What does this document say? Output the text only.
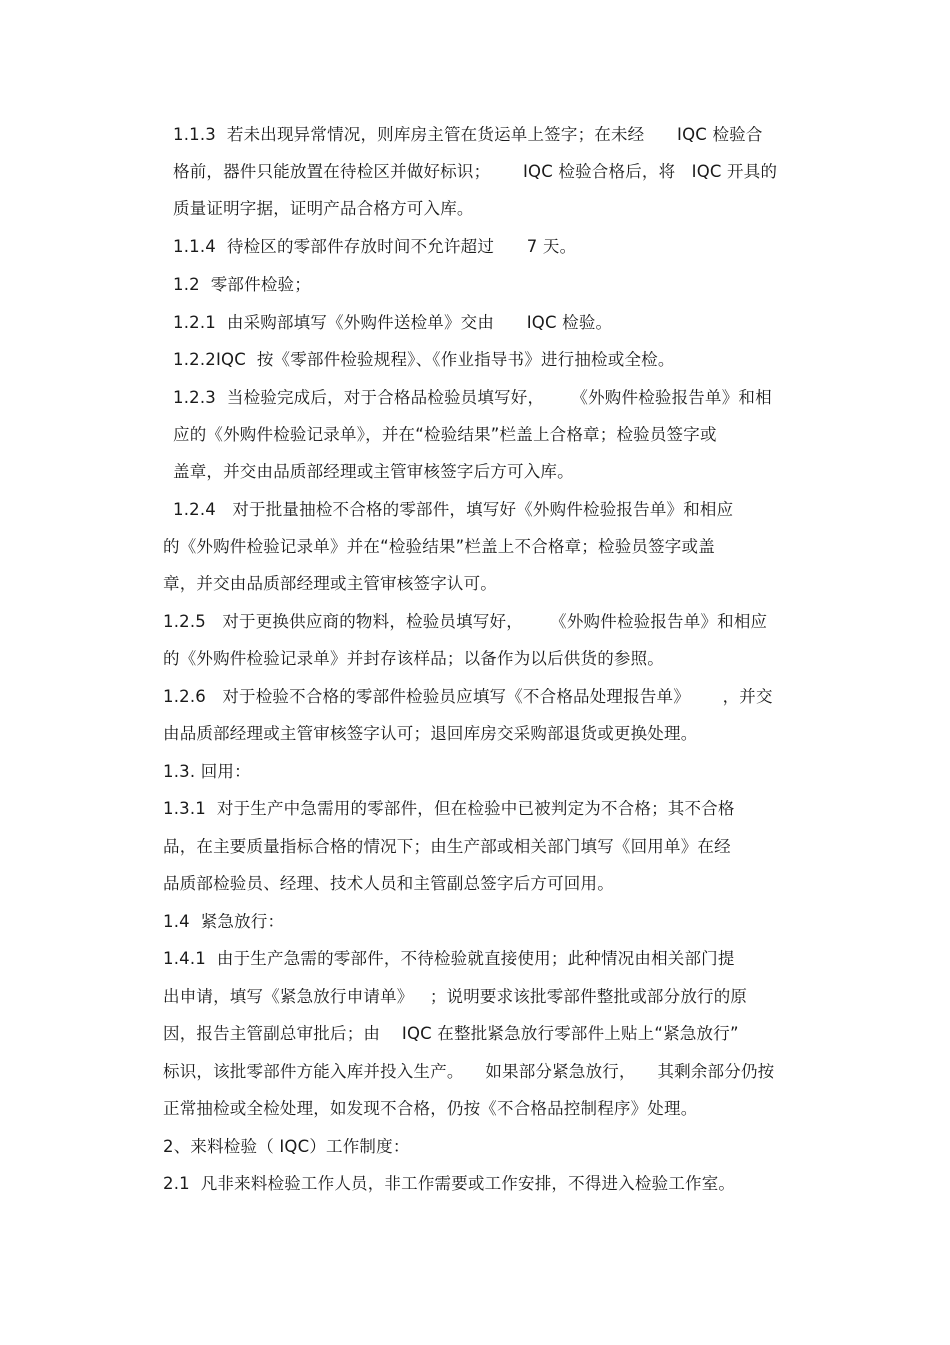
1.1.3  若未出现异常情况，则库房主管在货运单上签字；在未经      IQC 检验合
格前，器件只能放置在待检区并做好标识；      IQC 检验合格后，将   IQC 开具的
质量证明字据，证明产品合格方可入库。
1.1.4  待检区的零部件存放时间不允许超过      7 天。
1.2  零部件检验；
1.2.1  由采购部填写《外购件送检单》交由      IQC 检验。
1.2.2IQC  按《零部件检验规程》、《作业指导书》进行抽检或全检。
1.2.3  当检验完成后，对于合格品检验员填写好，     《外购件检验报告单》和相
应的《外购件检验记录单》，并在“检验结果”栏盖上合格章；检验员签字或
盖章，并交由品质部经理或主管审核签字后方可入库。
1.2.4   对于批量抽检不合格的零部件，填写好《外购件检验报告单》和相应
的《外购件检验记录单》并在“检验结果”栏盖上不合格章；检验员签字或盖
章，并交由品质部经理或主管审核签字认可。
1.2.5   对于更换供应商的物料，检验员填写好，     《外购件检验报告单》和相应
的《外购件检验记录单》并封存该样品；以备作为以后供货的参照。
1.2.6   对于检验不合格的零部件检验员应填写《不合格品处理报告单》      ，并交
由品质部经理或主管审核签字认可；退回库房交采购部退货或更换处理。
1.3. 回用：
1.3.1  对于生产中急需用的零部件，但在检验中已被判定为不合格；其不合格
品，在主要质量指标合格的情况下；由生产部或相关部门填写《回用单》在经
品质部检验员、经理、技术人员和主管副总签字后方可回用。
1.4  紧急放行：
1.4.1  由于生产急需的零部件，不待检验就直接使用；此种情况由相关部门提
出申请，填写《紧急放行申请单》   ；说明要求该批零部件整批或部分放行的原
因，报告主管副总审批后；由    IQC 在整批紧急放行零部件上贴上“紧急放行”
标识，该批零部件方能入库并投入生产。    如果部分紧急放行，    其剩余部分仍按
正常抽检或全检处理，如发现不合格，仍按《不合格品控制程序》处理。
2、来料检验（ IQC）工作制度：
2.1  凡非来料检验工作人员，非工作需要或工作安排，不得进入检验工作室。
